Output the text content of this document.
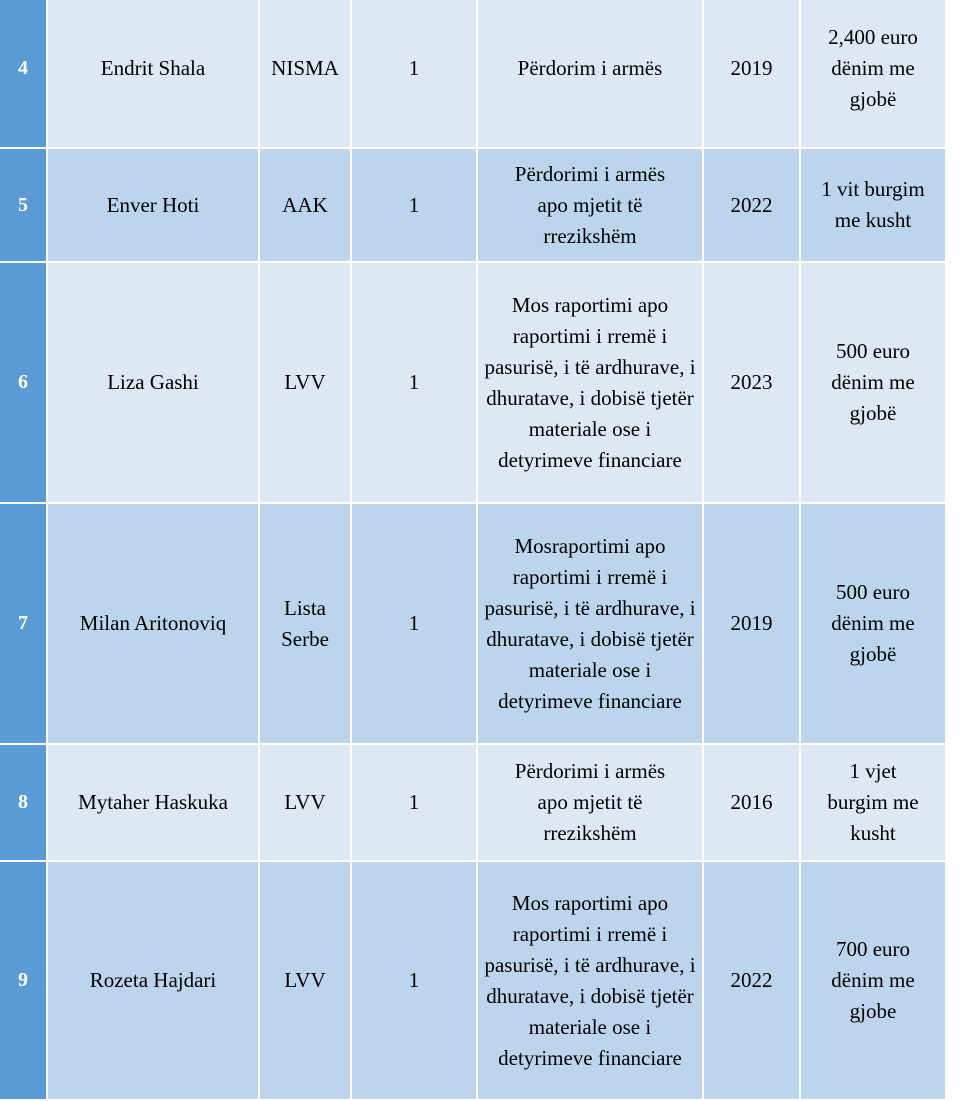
4	Endrit Shala	NISMA	1	Përdorim i armës	2019	2,400 euro dënim me gjobë
5	Enver Hoti	AAK	1	Përdorimi i armës apo mjetit të rrezikshëm	2022	1 vit burgim me kusht
6	Liza Gashi	LVV	1	Mos raportimi apo raportimi i rremë i pasurisë, i të ardhurave, i dhuratave, i dobisë tjetër materiale ose i detyrimeve financiare	2023	500 euro dënim me gjobë
7	Milan Aritonoviq	Lista Serbe	1	Mosraportimi apo raportimi i rremë i pasurisë, i të ardhurave, i dhuratave, i dobisë tjetër materiale ose i detyrimeve financiare	2019	500 euro dënim me gjobë
8	Mytaher Haskuka	LVV	1	Përdorimi i armës apo mjetit të rrezikshëm	2016	1 vjet burgim me kusht
9	Rozeta Hajdari	LVV	1	Mos raportimi apo raportimi i rremë i pasurisë, i të ardhurave, i dhuratave, i dobisë tjetër materiale ose i detyrimeve financiare	2022	700 euro dënim me gjobe
